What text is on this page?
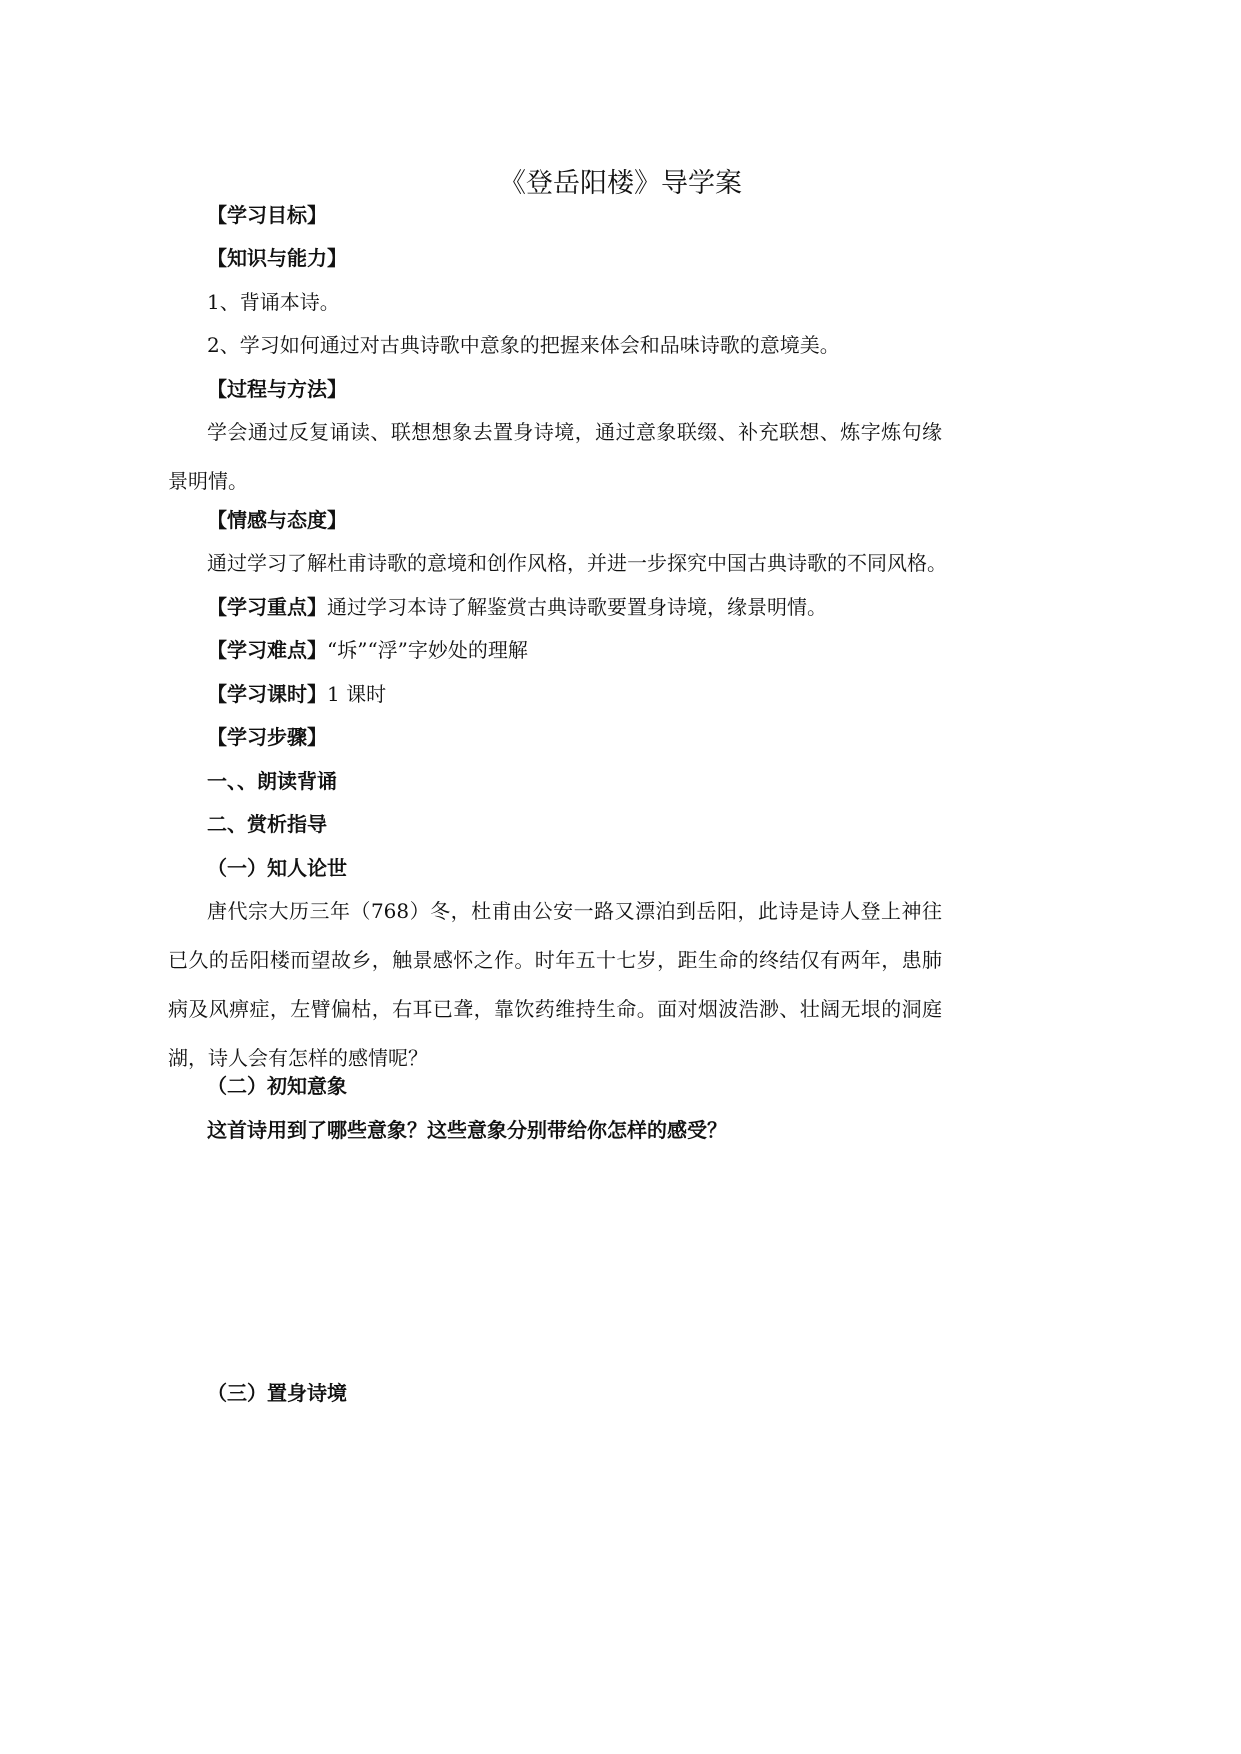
《登岳阳楼》导学案
【学习目标】
【知识与能力】
1、背诵本诗。
2、学习如何通过对古典诗歌中意象的把握来体会和品味诗歌的意境美。
【过程与方法】
学会通过反复诵读、联想想象去置身诗境，通过意象联缀、补充联想、炼字炼句缘景明情。
【情感与态度】
通过学习了解杜甫诗歌的意境和创作风格，并进一步探究中国古典诗歌的不同风格。
【学习重点】通过学习本诗了解鉴赏古典诗歌要置身诗境，缘景明情。
【学习难点】“坼”“浮”字妙处的理解
【学习课时】1 课时
【学习步骤】
一、、朗读背诵
二、赏析指导
（一）知人论世
唐代宗大历三年（768）冬，杜甫由公安一路又漂泊到岳阳，此诗是诗人登上神往已久的岳阳楼而望故乡，触景感怀之作。时年五十七岁，距生命的终结仅有两年，患肺病及风痹症，左臂偏枯，右耳已聋，靠饮药维持生命。面对烟波浩渺、壮阔无垠的洞庭湖，诗人会有怎样的感情呢？
（二）初知意象
这首诗用到了哪些意象？这些意象分别带给你怎样的感受？
（三）置身诗境
